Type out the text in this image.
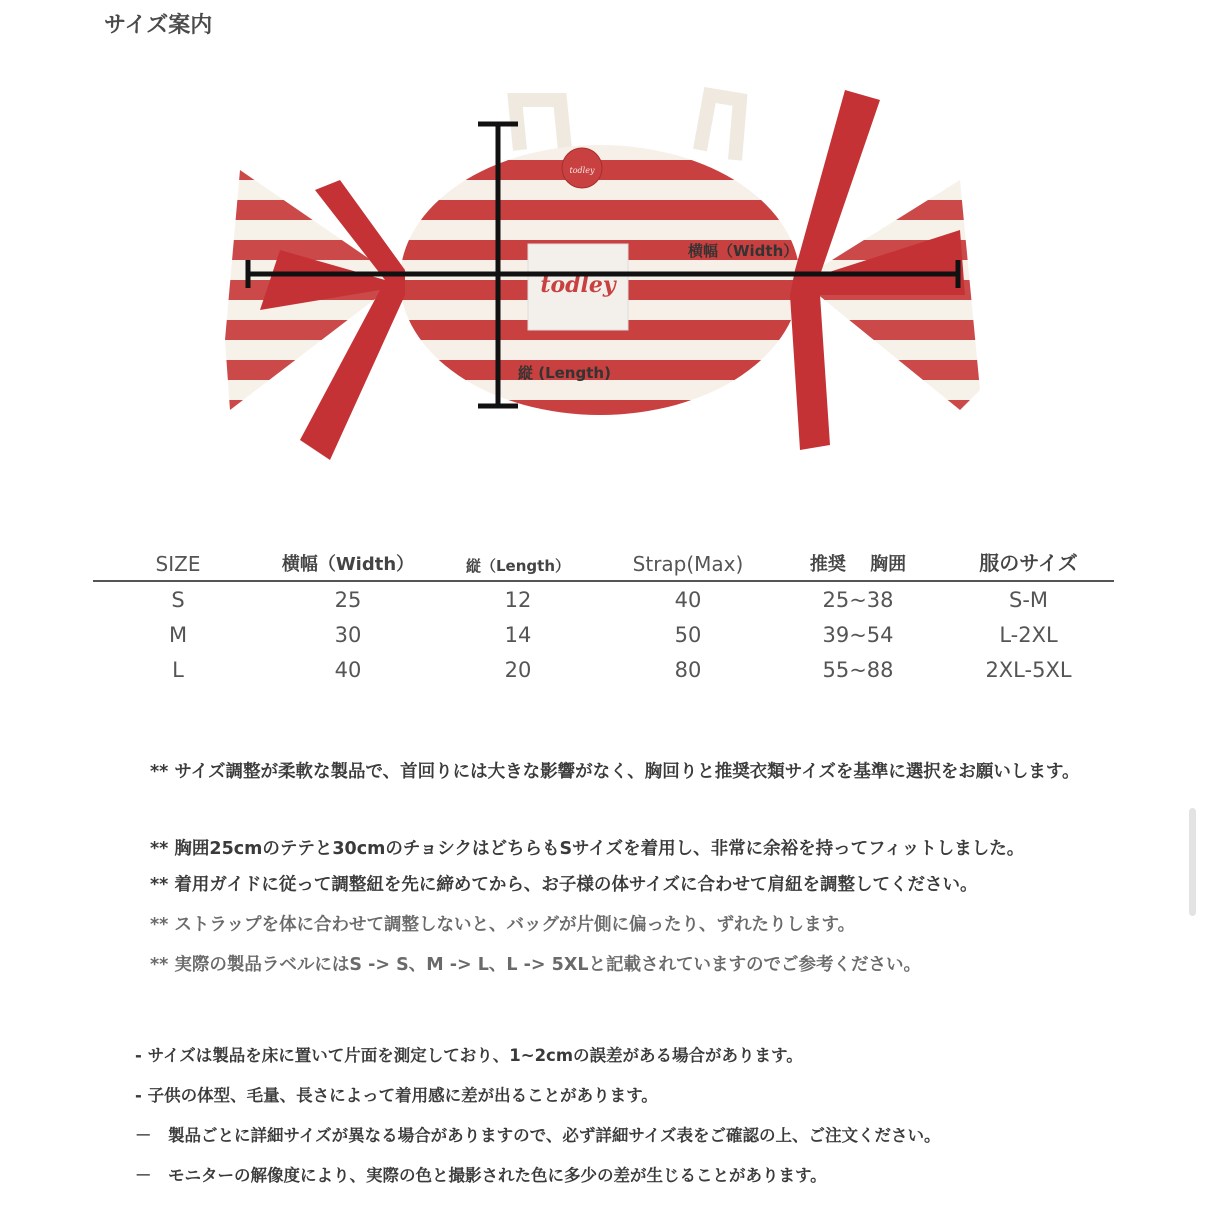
サイズ案内
todley
todley
横幅（Width）
縦 (Length)
SIZE	横幅（Width）	縦（Length）	Strap(Max)	推奨　 胸囲	服のサイズ
S	25	12	40	25~38	S-M
M	30	14	50	39~54	L-2XL
L	40	20	80	55~88	2XL-5XL
** サイズ調整が柔軟な製品で、首回りには大きな影響がなく、胸回りと推奨衣類サイズを基準に選択をお願いします。
** 胸囲25cmのテテと30cmのチョシクはどちらもSサイズを着用し、非常に余裕を持ってフィットしました。
** 着用ガイドに従って調整紐を先に締めてから、お子様の体サイズに合わせて肩紐を調整してください。
** ストラップを体に合わせて調整しないと、バッグが片側に偏ったり、ずれたりします。
** 実際の製品ラベルにはS -> S、M -> L、L -> 5XLと記載されていますのでご参考ください。
- サイズは製品を床に置いて片面を測定しており、1~2cmの誤差がある場合があります。
- 子供の体型、毛量、長さによって着用感に差が出ることがあります。
－　製品ごとに詳細サイズが異なる場合がありますので、必ず詳細サイズ表をご確認の上、ご注文ください。
－　モニターの解像度により、実際の色と撮影された色に多少の差が生じることがあります。
